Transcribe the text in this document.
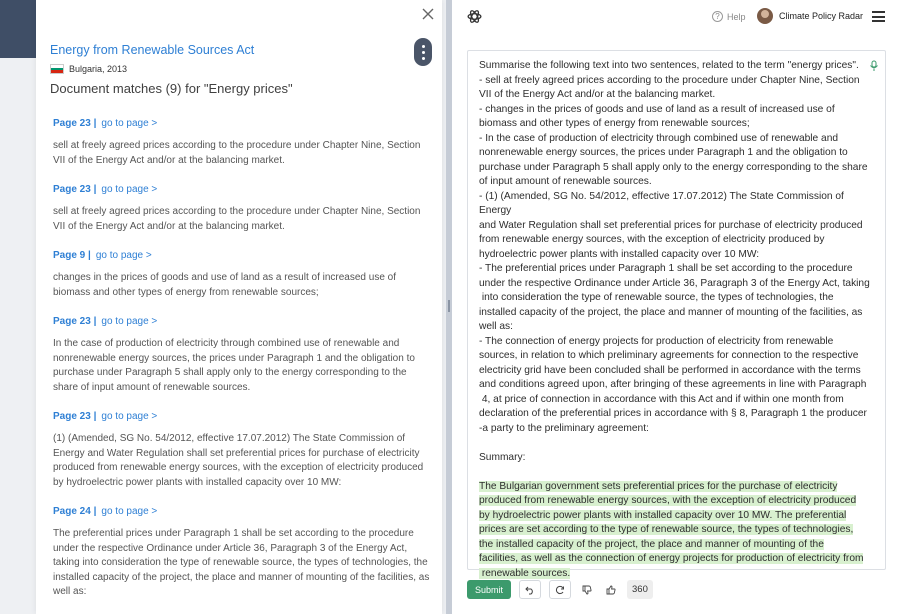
Energy from Renewable Sources Act
Bulgaria, 2013
Document matches (9) for "Energy prices"
Page 23 | go to page >
sell at freely agreed prices according to the procedure under Chapter Nine, Section VII of the Energy Act and/or at the balancing market.
Page 23 | go to page >
sell at freely agreed prices according to the procedure under Chapter Nine, Section VII of the Energy Act and/or at the balancing market.
Page 9 | go to page >
changes in the prices of goods and use of land as a result of increased use of biomass and other types of energy from renewable sources;
Page 23 | go to page >
In the case of production of electricity through combined use of renewable and nonrenewable energy sources, the prices under Paragraph 1 and the obligation to purchase under Paragraph 5 shall apply only to the energy corresponding to the share of input amount of renewable sources.
Page 23 | go to page >
(1) (Amended, SG No. 54/2012, effective 17.07.2012) The State Commission of Energy and Water Regulation shall set preferential prices for purchase of electricity produced from renewable energy sources, with the exception of electricity produced by hydroelectric power plants with installed capacity over 10 MW:
Page 24 | go to page >
The preferential prices under Paragraph 1 shall be set according to the procedure under the respective Ordinance under Article 36, Paragraph 3 of the Energy Act, taking into consideration the type of renewable source, the types of technologies, the installed capacity of the project, the place and manner of mounting of the facilities, as well as:
? Help	Climate Policy Radar
Summarise the following text into two sentences, related to the term "energy prices".
- sell at freely agreed prices according to the procedure under Chapter Nine, Section
VII of the Energy Act and/or at the balancing market.
- changes in the prices of goods and use of land as a result of increased use of
biomass and other types of energy from renewable sources;
- In the case of production of electricity through combined use of renewable and
nonrenewable energy sources, the prices under Paragraph 1 and the obligation to
purchase under Paragraph 5 shall apply only to the energy corresponding to the share
of input amount of renewable sources.
- (1) (Amended, SG No. 54/2012, effective 17.07.2012) The State Commission of Energy
and Water Regulation shall set preferential prices for purchase of electricity produced
from renewable energy sources, with the exception of electricity produced by
hydroelectric power plants with installed capacity over 10 MW:
- The preferential prices under Paragraph 1 shall be set according to the procedure
under the respective Ordinance under Article 36, Paragraph 3 of the Energy Act, taking
into consideration the type of renewable source, the types of technologies, the
installed capacity of the project, the place and manner of mounting of the facilities, as
well as:
- The connection of energy projects for production of electricity from renewable
sources, in relation to which preliminary agreements for connection to the respective
electricity grid have been concluded shall be performed in accordance with the terms
and conditions agreed upon, after bringing of these agreements in line with Paragraph
4, at price of connection in accordance with this Act and if within one month from
declaration of the preferential prices in accordance with § 8, Paragraph 1 the producer
-a party to the preliminary agreement:
Summary:
The Bulgarian government sets preferential prices for the purchase of electricity
produced from renewable energy sources, with the exception of electricity produced
by hydroelectric power plants with installed capacity over 10 MW. The preferential
prices are set according to the type of renewable source, the types of technologies,
the installed capacity of the project, the place and manner of mounting of the
facilities, as well as the connection of energy projects for production of electricity from
renewable sources.
Submit	360
